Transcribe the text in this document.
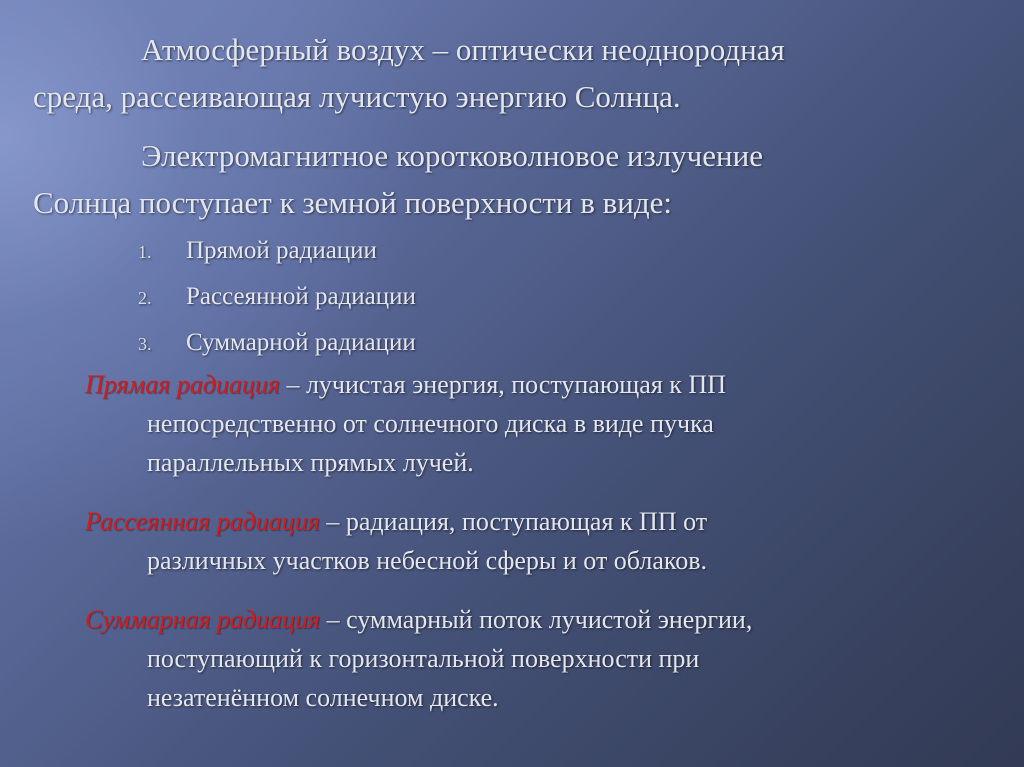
Атмосферный воздух – оптически неоднородная
среда, рассеивающая лучистую энергию Солнца.

Электромагнитное коротковолновое излучение
Солнца поступает к земной поверхности в виде:

1. Прямой радиации
2. Рассеянной радиации
3. Суммарной радиации

Прямая радиация – лучистая энергия, поступающая к ПП
непосредственно от солнечного диска в виде пучка
параллельных прямых лучей.

Рассеянная радиация – радиация, поступающая к ПП от
различных участков небесной сферы и от облаков.

Суммарная радиация – суммарный поток лучистой энергии,
поступающий к горизонтальной поверхности при
незатенённом солнечном диске.
